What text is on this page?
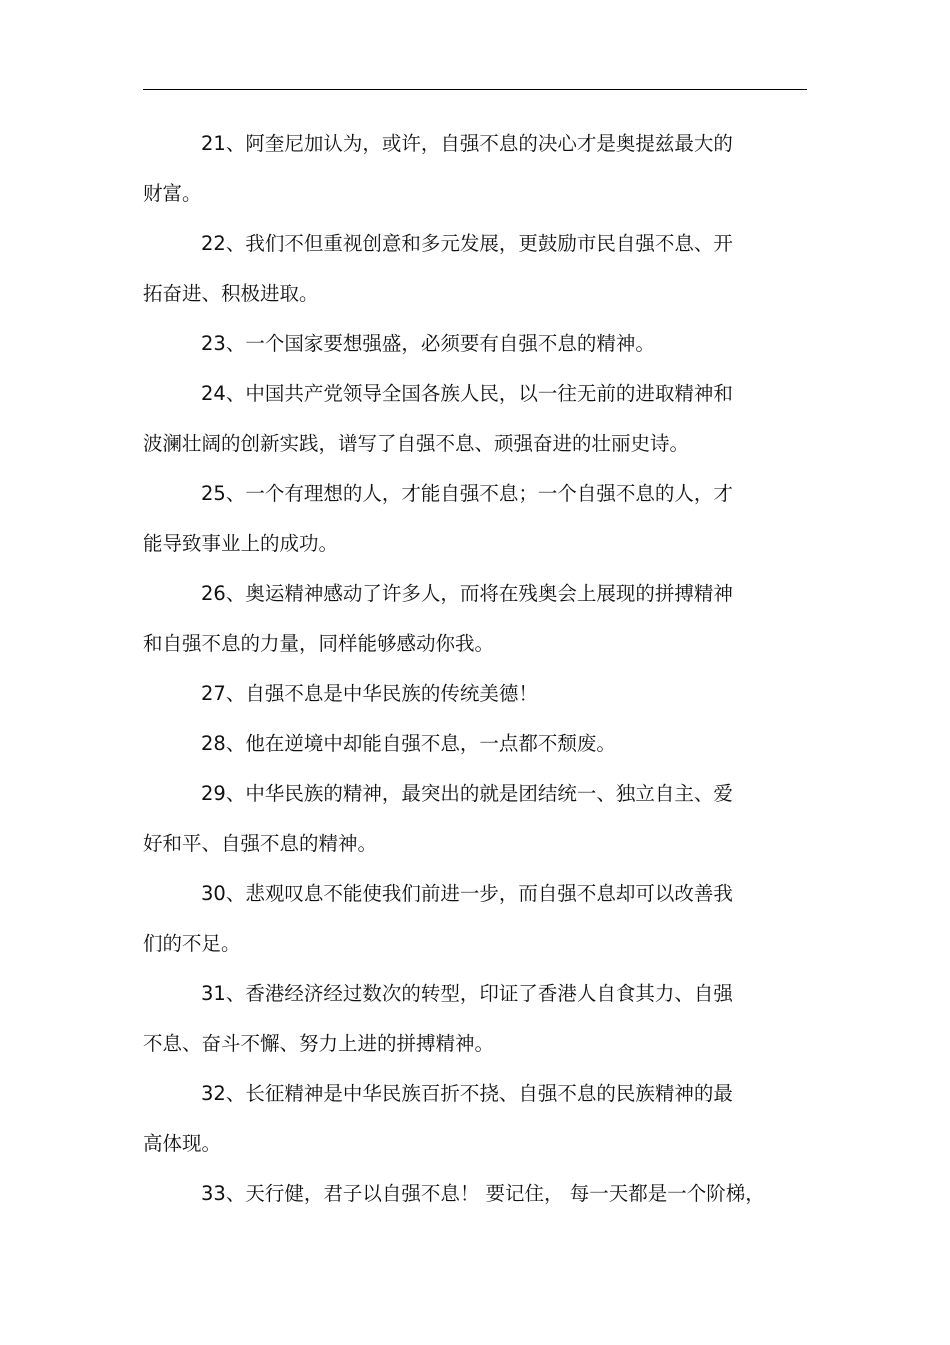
21、阿奎尼加认为，或许，自强不息的决心才是奥提兹最大的
财富。

22、我们不但重视创意和多元发展，更鼓励市民自强不息、开
拓奋进、积极进取。

23、一个国家要想强盛，必须要有自强不息的精神。

24、中国共产党领导全国各族人民，以一往无前的进取精神和
波澜壮阔的创新实践，谱写了自强不息、顽强奋进的壮丽史诗。

25、一个有理想的人，才能自强不息；一个自强不息的人，才
能导致事业上的成功。

26、奥运精神感动了许多人，而将在残奥会上展现的拼搏精神
和自强不息的力量，同样能够感动你我。

27、自强不息是中华民族的传统美德！

28、他在逆境中却能自强不息，一点都不颓废。

29、中华民族的精神，最突出的就是团结统一、独立自主、爱
好和平、自强不息的精神。

30、悲观叹息不能使我们前进一步，而自强不息却可以改善我
们的不足。

31、香港经济经过数次的转型，印证了香港人自食其力、自强
不息、奋斗不懈、努力上进的拼搏精神。

32、长征精神是中华民族百折不挠、自强不息的民族精神的最
高体现。

33、天行健，君子以自强不息！ 要记住， 每一天都是一个阶梯，
